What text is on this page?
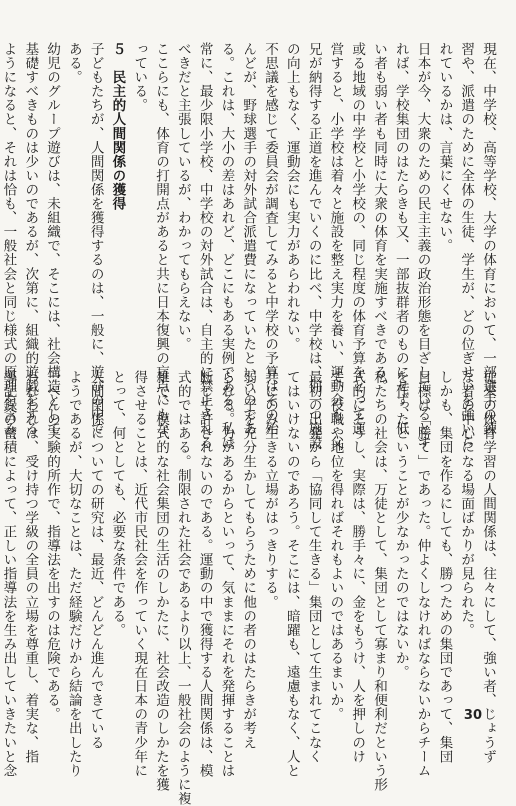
現在、中学校、高等学校、大学の体育において、一部選手の錬
習や、派遣のために全体の生徒、学生が、どの位ぎせいを強いら
れているかは、言葉にくせない。
日本が今、大衆のための民主主義の政治形態を目ざしているとす
れば、学校集団のはたらきも又、一部抜群者のものにせず、低
い者も弱い者も同時に大衆の体育を実施すべきである。
或る地域の中学校と小学校の、同じ程度の体育予算をとって運
営すると、小学校は着々と施設を整え実力を養い、運動会も、父
兄が納得する正道を進んでいくのに比べ、中学校は、何一つ施設
の向上もなく、運動会にも実力があらわれない。
不思議を感じて委員会が調査してみると中学校の予算はその殆
んどが、野球選手の対外試合派遣費になっていたというのであ
る。これは、大小の差はあれど、どこにもある実例である。私は
常に、最少限小学校、中学校の対外試合は、自主的に禁止される
べきだと主張しているが、わかってもらえない。
ここらにも、体育の打開点があると共に日本復興の盲点にもな
っている。
５　民主的人間関係の獲得
子どもたちが、人間関係を獲得するのは、一般に、遊びの中で
ある。
幼児のグループ遊びは、未組織で、そこには、社会構造として
基礎すべきものは少いのであるが、次第に、組織的遊戯をする
ようになると、それは恰も、一般社会と同じ様式の原理を含み、
従来の体育学習の人間関係は、往々にして、強い者、じょうず
な者の中心になる場面ばかりが見られた。
しかも、集団を作るにしても、勝つための集団であって、集団
目標は「勝て」であった。仲よくしなければならないからチーム
を作ったということが少なかったのではないか。
私たちの社会は、万徒として、集団として寡まり和便利だという形
式的にそうし、実際は、勝手々に、金をもうけ、人を押しのけ
て、役職や地位を得ればそれもよいのではあるまいか。
最初の出発から「協同して生きる」集団として生まれてこなく
てはいけないのであろう。そこには、暗躍も、遠慮もなく、人と
共にのみ生きる立場がはっきりする。
弱い子を充分生かしてもらうために他の者のはたらきが考え
られる。力があるからといって、気ままにそれを発揮することは
断じて許されないのである。運動の中で獲得する人間関係は、模
式的ではある。制限された社会であるより以上、一般社会のように複
雑で、模式的な社会集団の生活のしかたに、社会改造のしかたを獲
得させることは、近代市民社会を作っていく現在日本の青少年に
とって、何としても、必要な条件である。
人間関係についての研究は、最近、どんどん進んできている
ようであるが、大切なことは、ただ経験だけから結論を出したり
一ぺんの実験的所作で、指導法を出すのは危険である。
われわれは、受け持つ学級の全員の立場を尊重し、着実な、指
導記録の蓄積によって、正しい指導法を生み出していきたいと念	30
